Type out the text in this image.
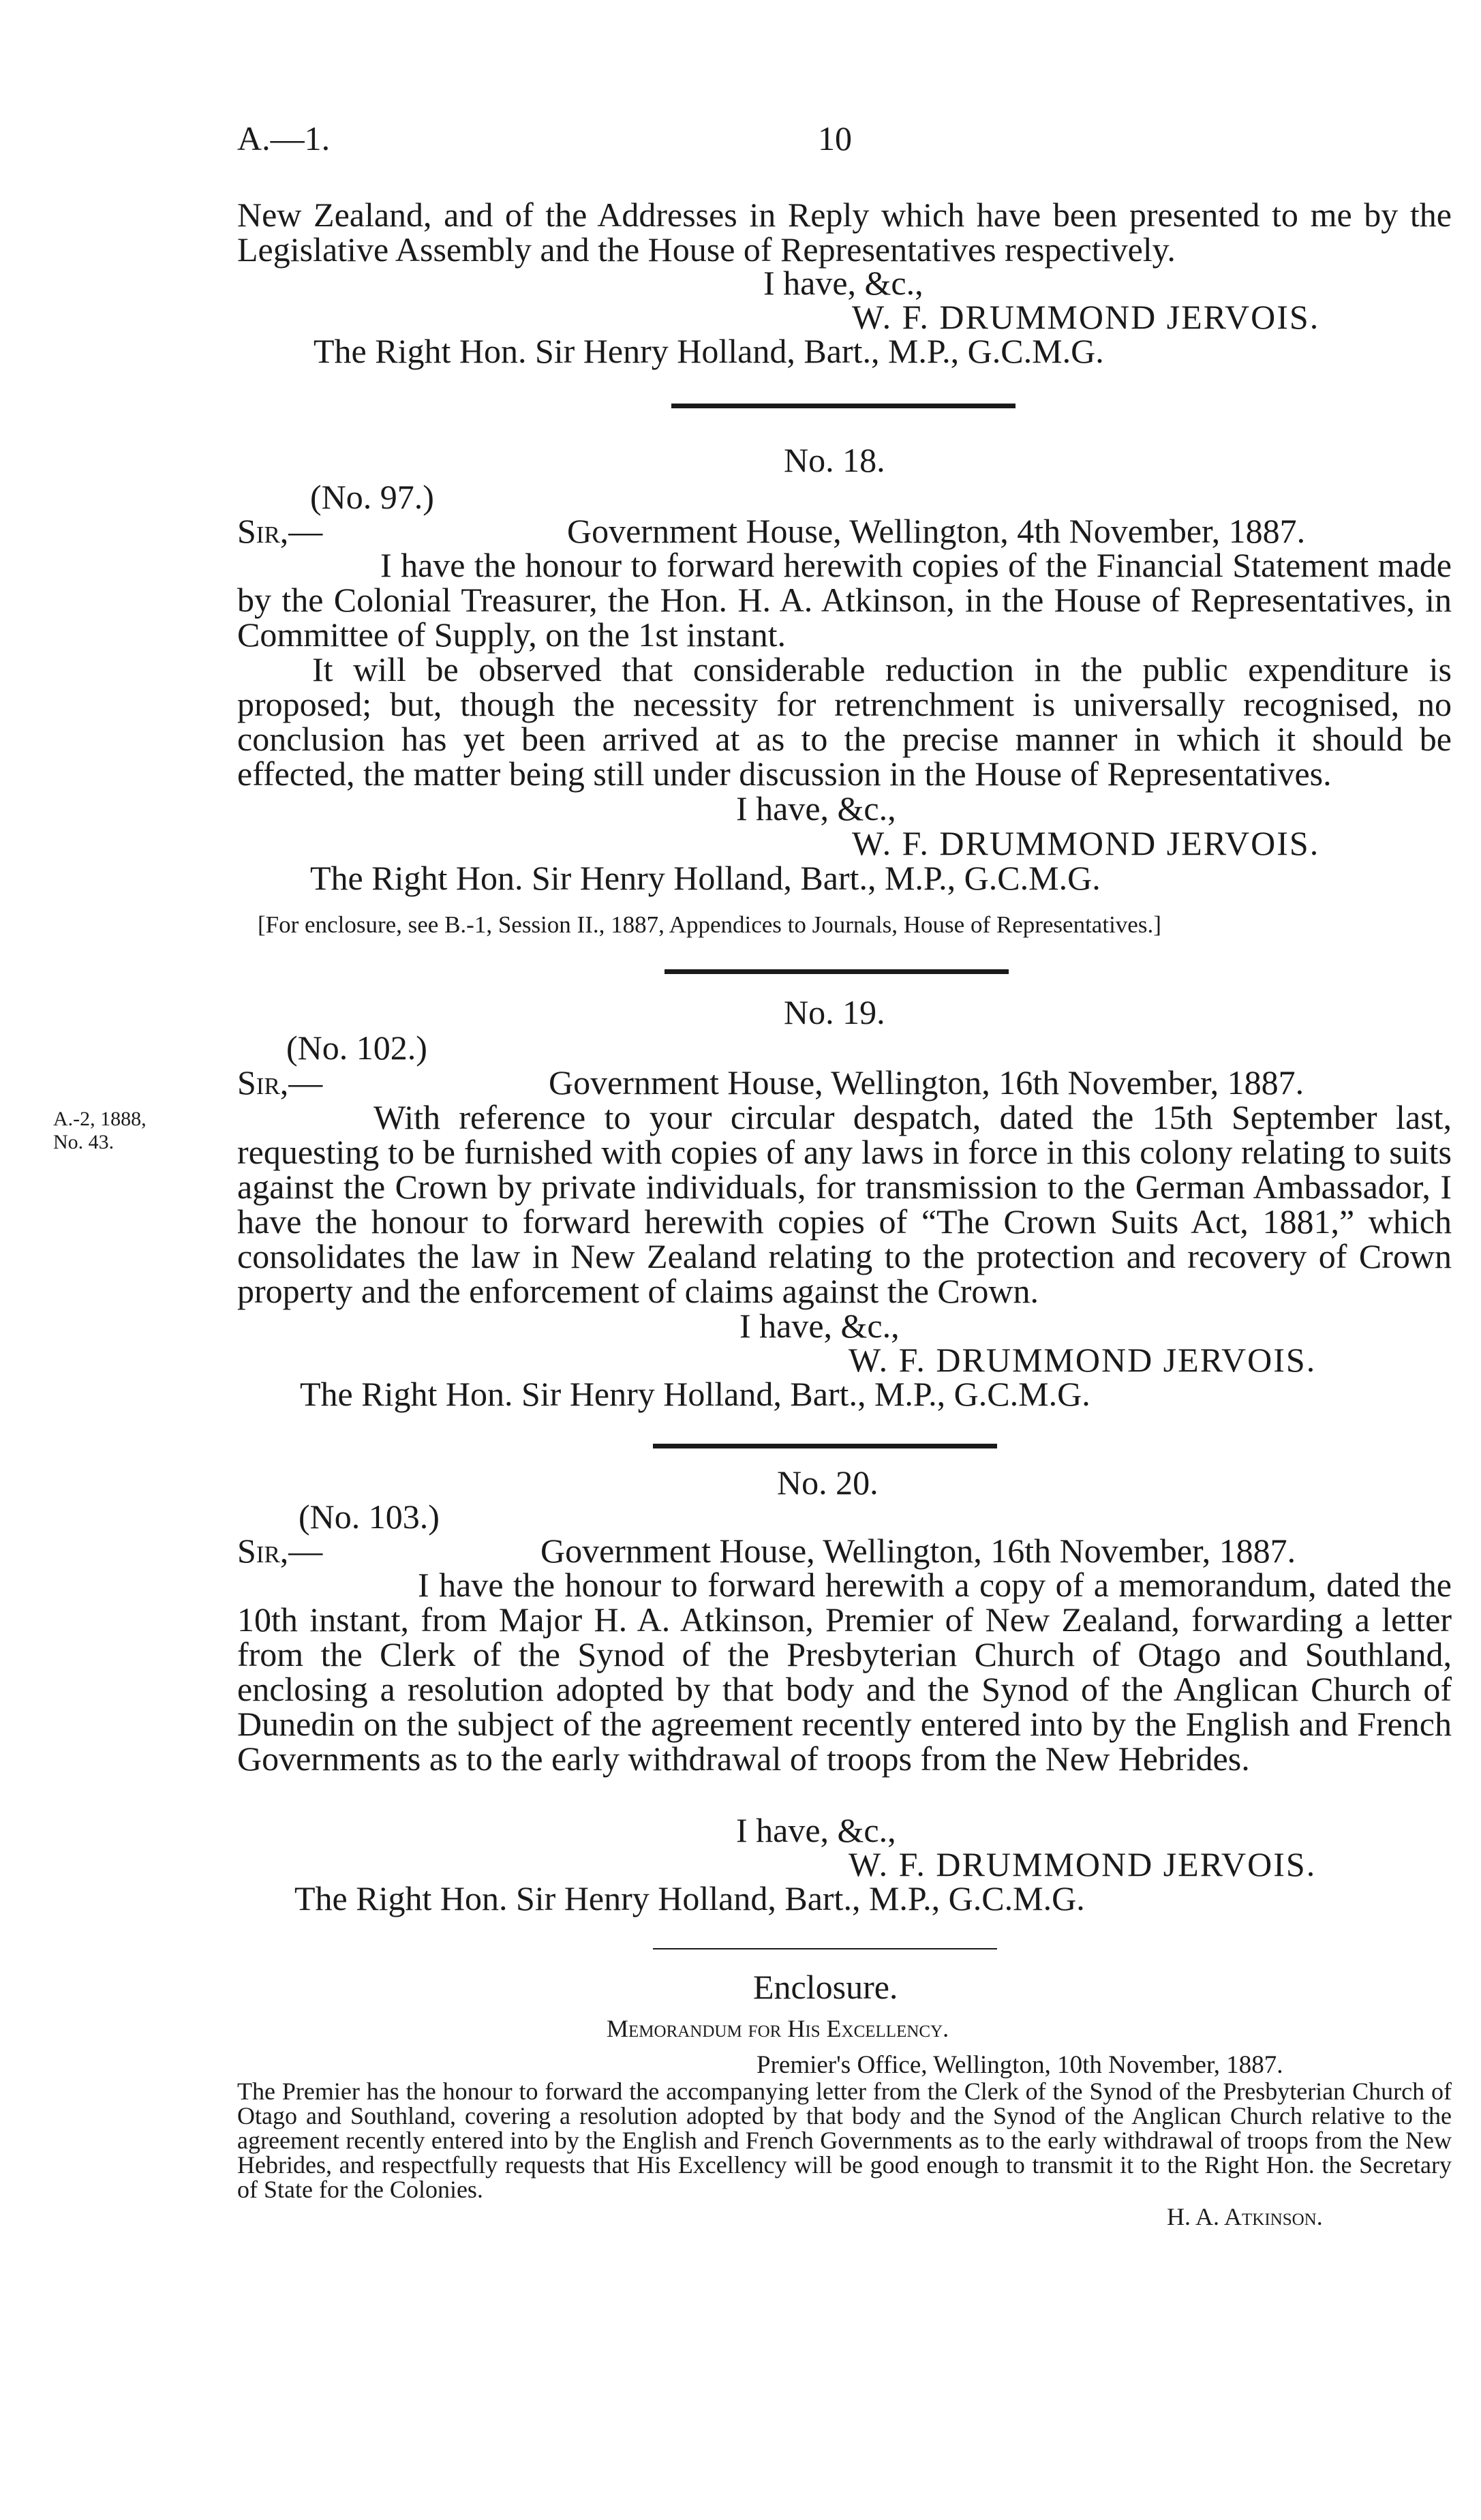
A.—1.	10
New Zealand, and of the Addresses in Reply which have been presented to me by the Legislative Assembly and the House of Representatives respectively.
I have, &c.,
W. F. DRUMMOND JERVOIS.
The Right Hon. Sir Henry Holland, Bart., M.P., G.C.M.G.
No. 18.
(No. 97.)
Sir,—	Government House, Wellington, 4th November, 1887.
I have the honour to forward herewith copies of the Financial Statement made by the Colonial Treasurer, the Hon. H. A. Atkinson, in the House of Representatives, in Committee of Supply, on the 1st instant.
It will be observed that considerable reduction in the public expenditure is proposed; but, though the necessity for retrenchment is universally recognised, no conclusion has yet been arrived at as to the precise manner in which it should be effected, the matter being still under discussion in the House of Representatives.
I have, &c.,
W. F. DRUMMOND JERVOIS.
The Right Hon. Sir Henry Holland, Bart., M.P., G.C.M.G.
[For enclosure, see B.-1, Session II., 1887, Appendices to Journals, House of Representatives.]
No. 19.
(No. 102.)
Sir,—	Government House, Wellington, 16th November, 1887.
A.-2, 1888,
No. 43.
With reference to your circular despatch, dated the 15th September last, requesting to be furnished with copies of any laws in force in this colony relating to suits against the Crown by private individuals, for transmission to the German Ambassador, I have the honour to forward herewith copies of “The Crown Suits Act, 1881,” which consolidates the law in New Zealand relating to the protection and recovery of Crown property and the enforcement of claims against the Crown.
I have, &c.,
W. F. DRUMMOND JERVOIS.
The Right Hon. Sir Henry Holland, Bart., M.P., G.C.M.G.
No. 20.
(No. 103.)
Sir,—	Government House, Wellington, 16th November, 1887.
I have the honour to forward herewith a copy of a memorandum, dated the 10th instant, from Major H. A. Atkinson, Premier of New Zealand, forwarding a letter from the Clerk of the Synod of the Presbyterian Church of Otago and Southland, enclosing a resolution adopted by that body and the Synod of the Anglican Church of Dunedin on the subject of the agreement recently entered into by the English and French Governments as to the early withdrawal of troops from the New Hebrides.
I have, &c.,
W. F. DRUMMOND JERVOIS.
The Right Hon. Sir Henry Holland, Bart., M.P., G.C.M.G.
Enclosure.
Memorandum for His Excellency.
Premier's Office, Wellington, 10th November, 1887.
The Premier has the honour to forward the accompanying letter from the Clerk of the Synod of the Presbyterian Church of Otago and Southland, covering a resolution adopted by that body and the Synod of the Anglican Church relative to the agreement recently entered into by the English and French Governments as to the early withdrawal of troops from the New Hebrides, and respectfully requests that His Excellency will be good enough to transmit it to the Right Hon. the Secretary of State for the Colonies.
H. A. Atkinson.
